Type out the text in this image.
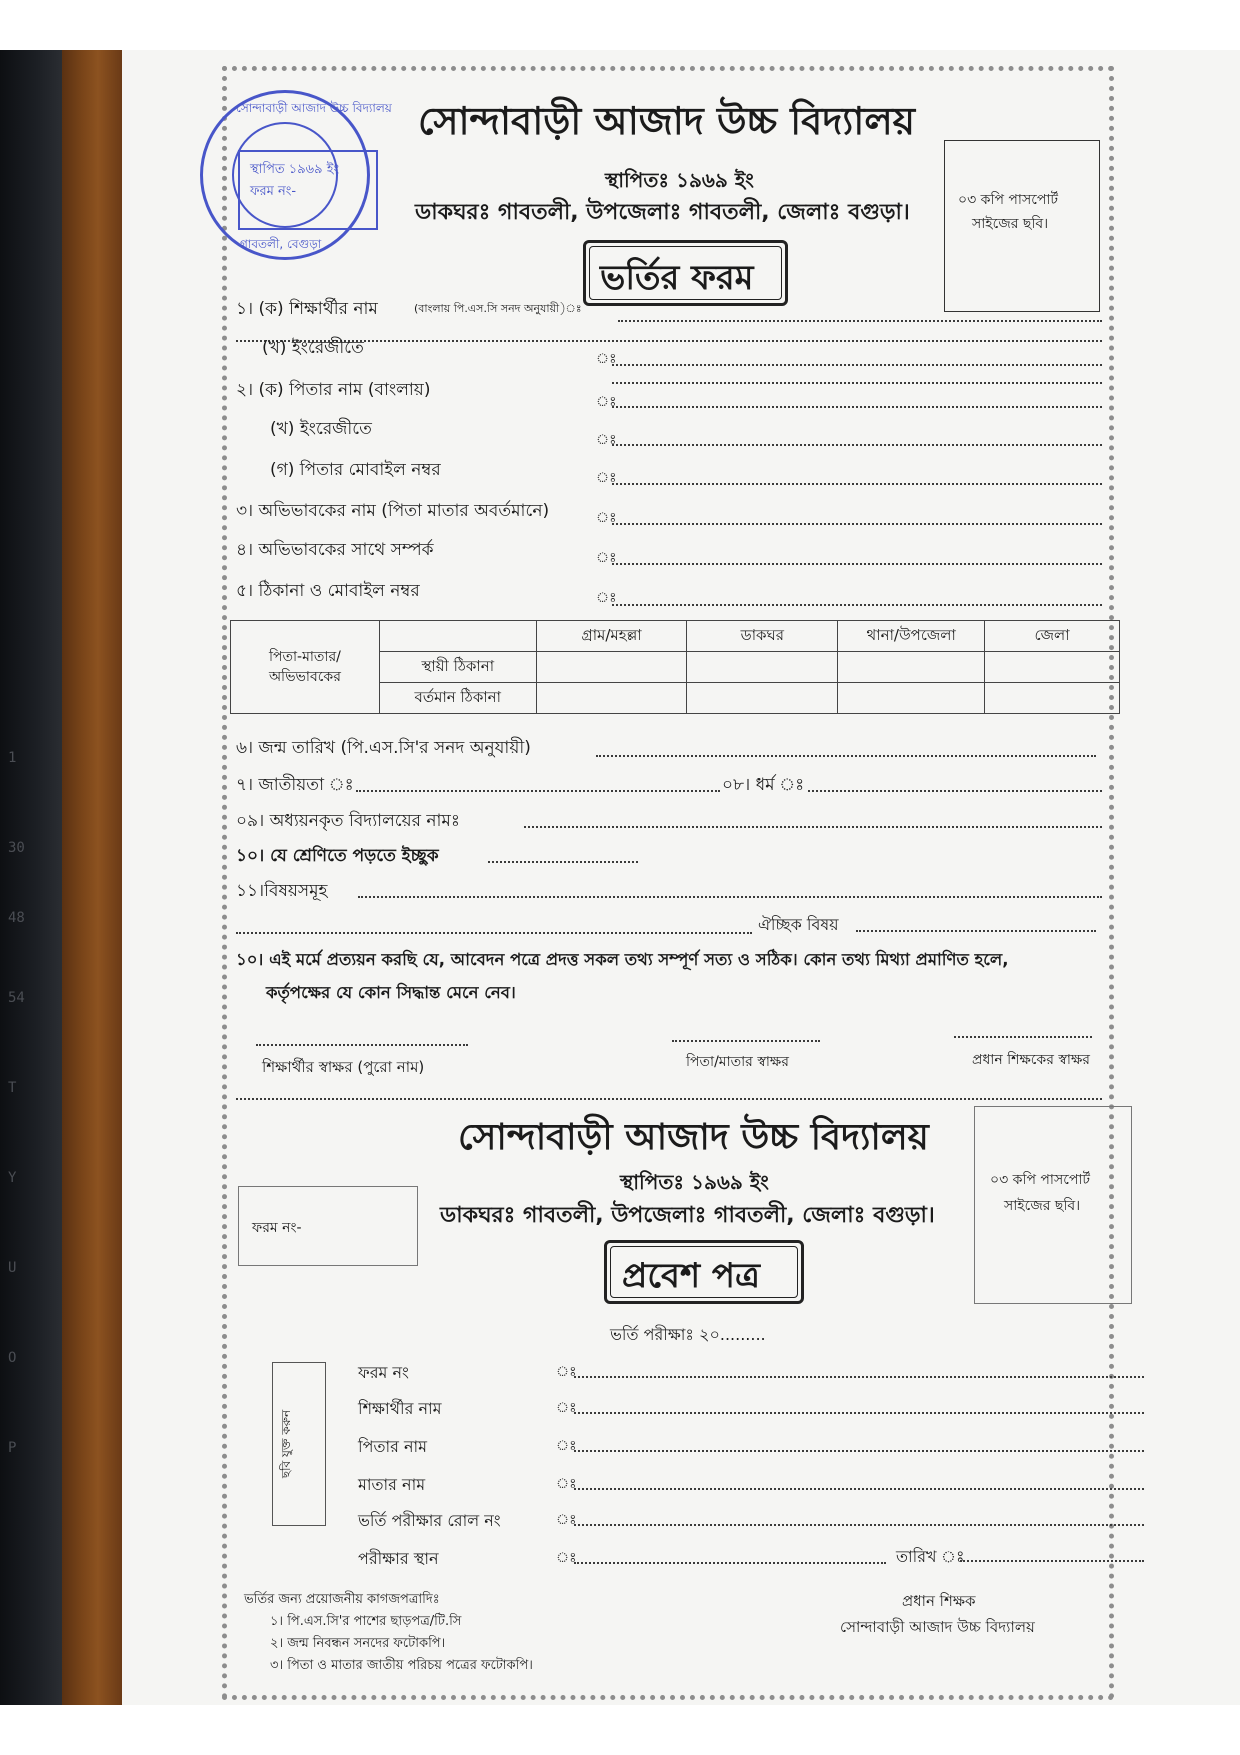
1
30
48
54
T
Y
U
O
P
সোন্দাবাড়ী আজাদ উচ্চ বিদ্যালয়
স্থাপিত ১৯৬৯ ইং
ফরম নং-
গাবতলী, বেগুড়া
সোন্দাবাড়ী আজাদ উচ্চ বিদ্যালয়
স্থাপিতঃ ১৯৬৯ ইং
ডাকঘরঃ গাবতলী, উপজেলাঃ গাবতলী, জেলাঃ বগুড়া।	০৩ কপি পাসপোর্ট
সাইজের ছবি।
ভর্তির ফরম
১। (ক) শিক্ষার্থীর নাম	(বাংলায় পি.এস.সি সনদ অনুযায়ী)ঃ
(খ) ইংরেজীতে
ঃ
২। (ক) পিতার নাম (বাংলায়)
ঃ
(খ) ইংরেজীতে
ঃ
(গ) পিতার মোবাইল নম্বর	ঃ
৩। অভিভাবকের নাম (পিতা মাতার অবর্তমানে)	ঃ
৪। অভিভাবকের সাথে সম্পর্ক	ঃ
৫। ঠিকানা ও মোবাইল নম্বর	ঃ
পিতা-মাতার/
অভিভাবকের		গ্রাম/মহল্লা	ডাকঘর	থানা/উপজেলা	জেলা
	স্থায়ী ঠিকানা				
	বর্তমান ঠিকানা				
৬। জন্ম তারিখ (পি.এস.সি'র সনদ অনুযায়ী)
৭। জাতীয়তা ঃ	০৮। ধর্ম ঃ
০৯। অধ্যয়নকৃত বিদ্যালয়ের নামঃ
১০। যে শ্রেণিতে পড়তে ইচ্ছুক
১১।বিষয়সমূহ
ঐচ্ছিক বিষয়
১০। এই মর্মে প্রত্যয়ন করছি যে, আবেদন পত্রে প্রদত্ত সকল তথ্য সম্পূর্ণ সত্য ও সঠিক। কোন তথ্য মিথ্যা প্রমাণিত হলে,
কর্তৃপক্ষের যে কোন সিদ্ধান্ত মেনে নেব।
শিক্ষার্থীর স্বাক্ষর (পুরো নাম)	পিতা/মাতার স্বাক্ষর	প্রধান শিক্ষকের স্বাক্ষর
সোন্দাবাড়ী আজাদ উচ্চ বিদ্যালয়
স্থাপিতঃ ১৯৬৯ ইং
ডাকঘরঃ গাবতলী, উপজেলাঃ গাবতলী, জেলাঃ বগুড়া।
০৩ কপি পাসপোর্ট
সাইজের ছবি।
ফরম নং-
প্রবেশ পত্র
ভর্তি পরীক্ষাঃ ২০.........
ছবি যুক্ত করুন
ফরম নং	ঃ
শিক্ষার্থীর নাম	ঃ
পিতার নাম	ঃ
মাতার নাম	ঃ
ভর্তি পরীক্ষার রোল নং	ঃ
পরীক্ষার স্থান	ঃ	তারিখ ঃ
ভর্তির জন্য প্রয়োজনীয় কাগজপত্রাদিঃ
১। পি.এস.সি'র পাশের ছাড়পত্র/টি.সি
২। জন্ম নিবন্ধন সনদের ফটোকপি।
৩। পিতা ও মাতার জাতীয় পরিচয় পত্রের ফটোকপি।
প্রধান শিক্ষক
সোন্দাবাড়ী আজাদ উচ্চ বিদ্যালয়
